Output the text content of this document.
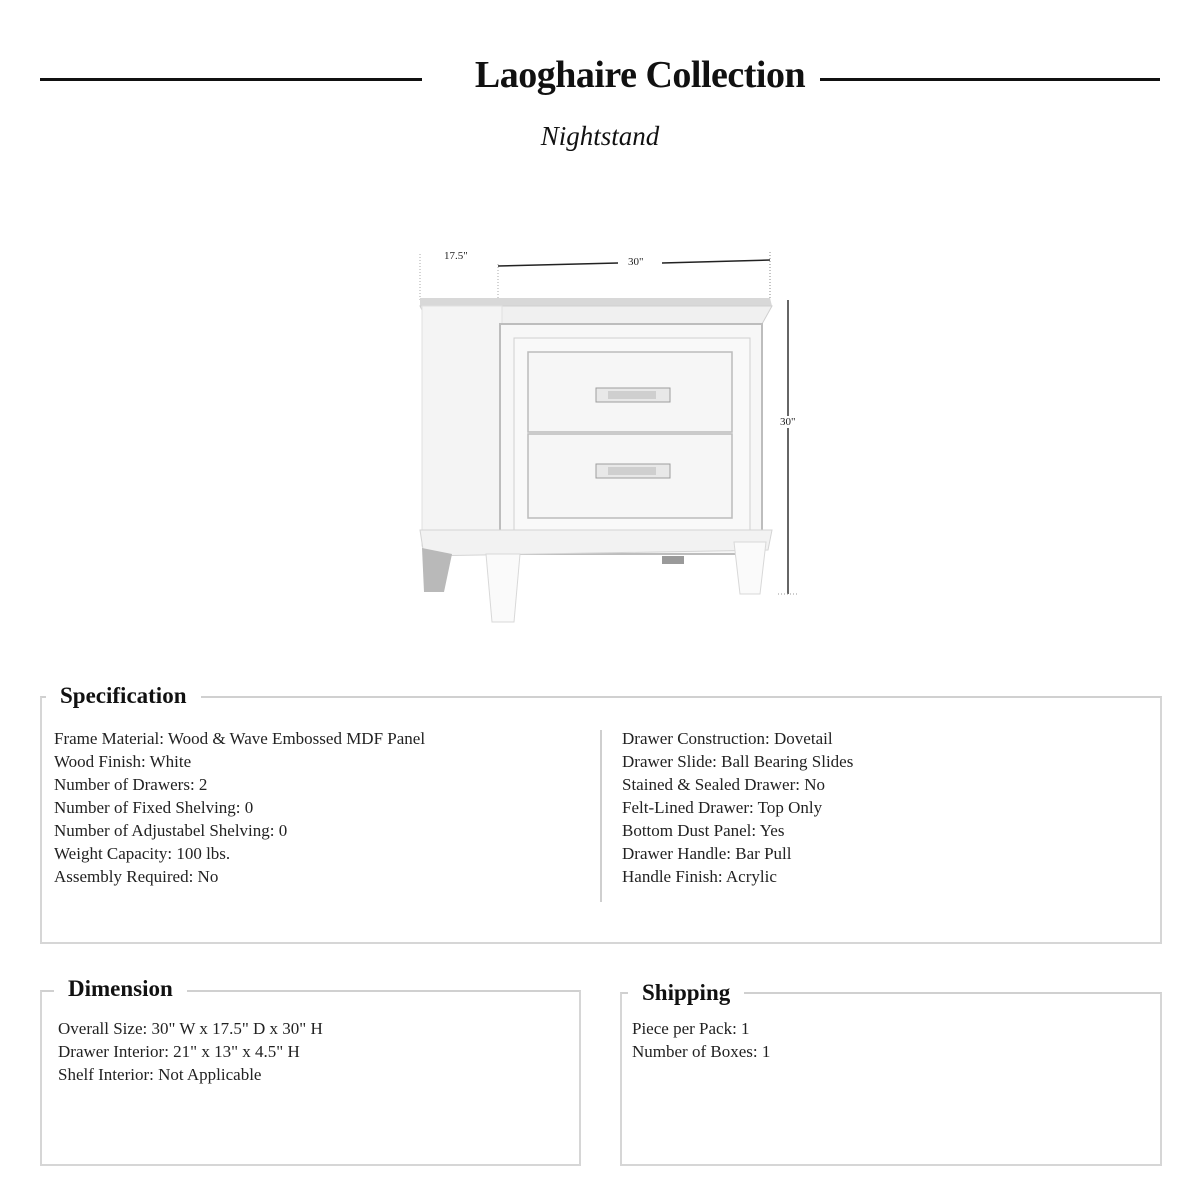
Laoghaire Collection
Nightstand
17.5"	30"
30"
Specification
Frame Material: Wood & Wave Embossed MDF Panel
Wood Finish: White
Number of Drawers: 2
Number of Fixed Shelving: 0
Number of Adjustabel Shelving: 0
Weight Capacity: 100 lbs.
Assembly Required: No
Drawer Construction: Dovetail
Drawer Slide: Ball Bearing Slides
Stained & Sealed Drawer: No
Felt-Lined Drawer: Top Only
Bottom Dust Panel: Yes
Drawer Handle: Bar Pull
Handle Finish: Acrylic
Dimension
Overall Size: 30" W x 17.5" D x 30" H
Drawer Interior: 21" x 13" x 4.5" H
Shelf Interior: Not Applicable
Shipping
Piece per Pack: 1
Number of Boxes: 1
